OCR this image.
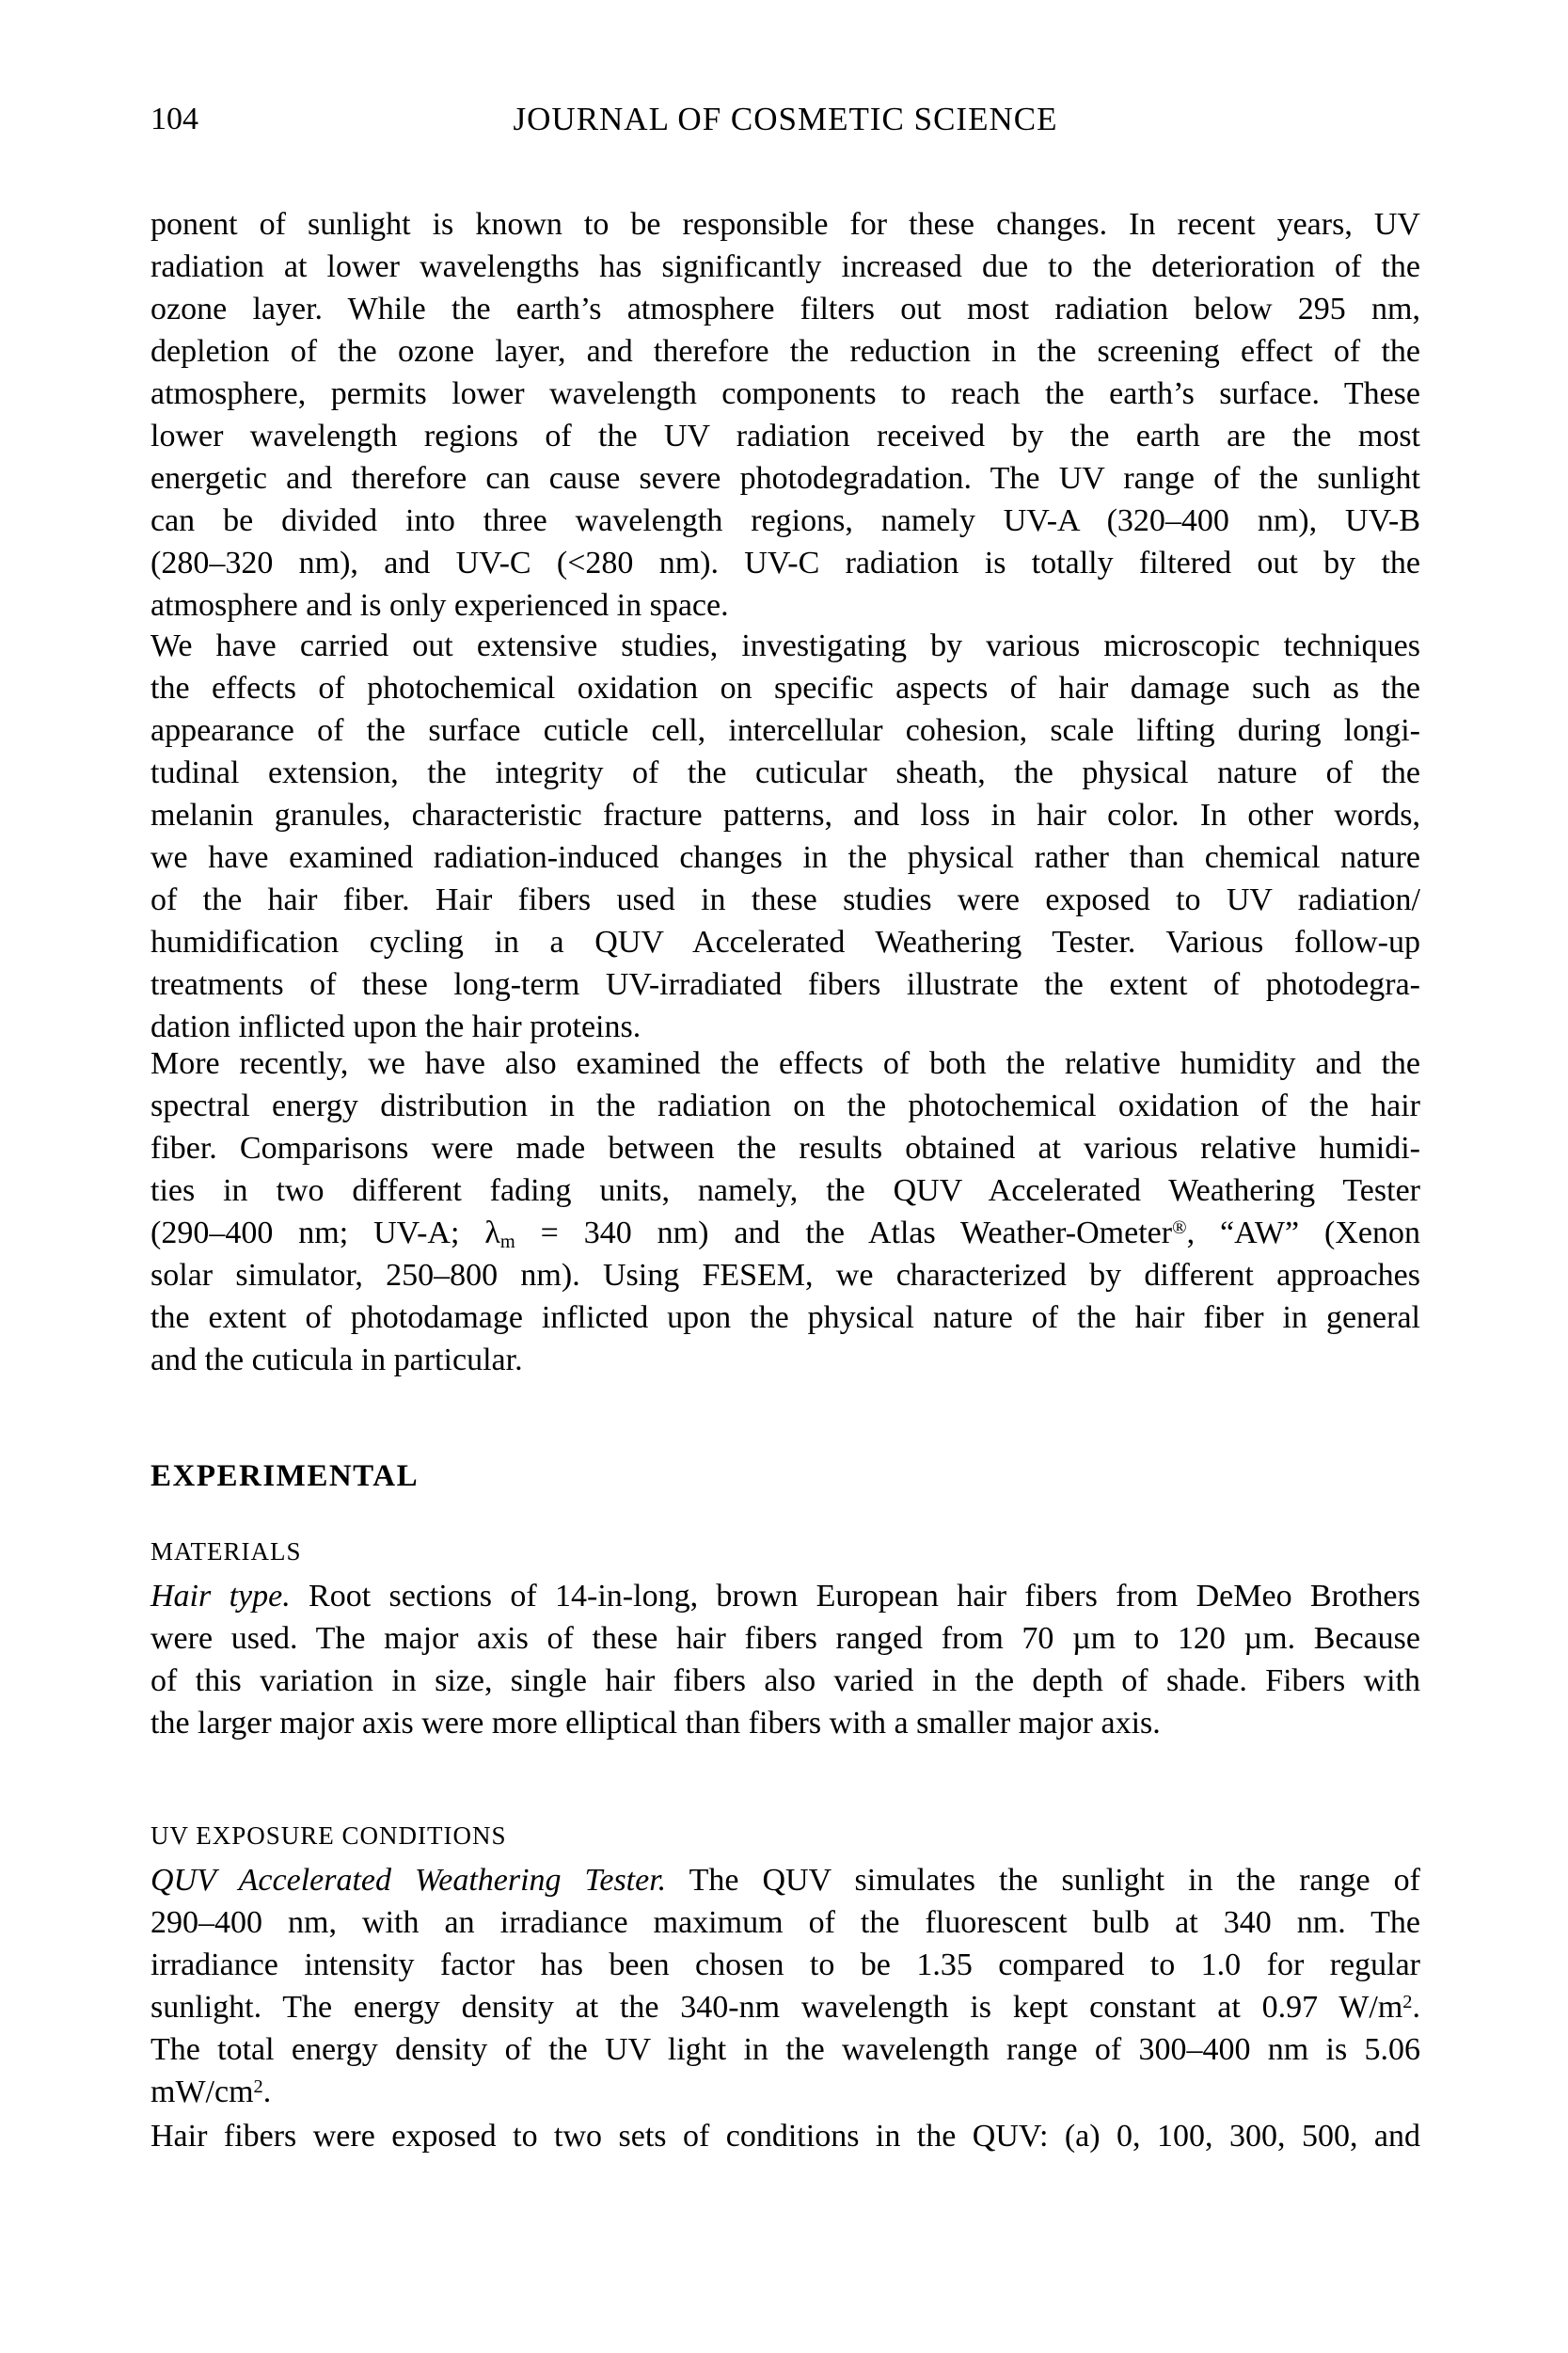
104	JOURNAL OF COSMETIC SCIENCE
ponent of sunlight is known to be responsible for these changes. In recent years, UV
radiation at lower wavelengths has significantly increased due to the deterioration of the
ozone layer. While the earth’s atmosphere filters out most radiation below 295 nm,
depletion of the ozone layer, and therefore the reduction in the screening effect of the
atmosphere, permits lower wavelength components to reach the earth’s surface. These
lower wavelength regions of the UV radiation received by the earth are the most
energetic and therefore can cause severe photodegradation. The UV range of the sunlight
can be divided into three wavelength regions, namely UV-A (320–400 nm), UV-B
(280–320 nm), and UV-C (<280 nm). UV-C radiation is totally filtered out by the
atmosphere and is only experienced in space.
We have carried out extensive studies, investigating by various microscopic techniques
the effects of photochemical oxidation on specific aspects of hair damage such as the
appearance of the surface cuticle cell, intercellular cohesion, scale lifting during longi-
tudinal extension, the integrity of the cuticular sheath, the physical nature of the
melanin granules, characteristic fracture patterns, and loss in hair color. In other words,
we have examined radiation-induced changes in the physical rather than chemical nature
of the hair fiber. Hair fibers used in these studies were exposed to UV radiation/
humidification cycling in a QUV Accelerated Weathering Tester. Various follow-up
treatments of these long-term UV-irradiated fibers illustrate the extent of photodegra-
dation inflicted upon the hair proteins.
More recently, we have also examined the effects of both the relative humidity and the
spectral energy distribution in the radiation on the photochemical oxidation of the hair
fiber. Comparisons were made between the results obtained at various relative humidi-
ties in two different fading units, namely, the QUV Accelerated Weathering Tester
(290–400 nm; UV-A; λm = 340 nm) and the Atlas Weather-Ometer®, “AW” (Xenon
solar simulator, 250–800 nm). Using FESEM, we characterized by different approaches
the extent of photodamage inflicted upon the physical nature of the hair fiber in general
and the cuticula in particular.
EXPERIMENTAL
MATERIALS
Hair type. Root sections of 14-in-long, brown European hair fibers from DeMeo Brothers
were used. The major axis of these hair fibers ranged from 70 µm to 120 µm. Because
of this variation in size, single hair fibers also varied in the depth of shade. Fibers with
the larger major axis were more elliptical than fibers with a smaller major axis.
UV EXPOSURE CONDITIONS
QUV Accelerated Weathering Tester. The QUV simulates the sunlight in the range of
290–400 nm, with an irradiance maximum of the fluorescent bulb at 340 nm. The
irradiance intensity factor has been chosen to be 1.35 compared to 1.0 for regular
sunlight. The energy density at the 340-nm wavelength is kept constant at 0.97 $W/m^2$.
The total energy density of the UV light in the wavelength range of 300–400 nm is 5.06
$mW/cm^2$.
Hair fibers were exposed to two sets of conditions in the QUV: (a) 0, 100, 300, 500, and
